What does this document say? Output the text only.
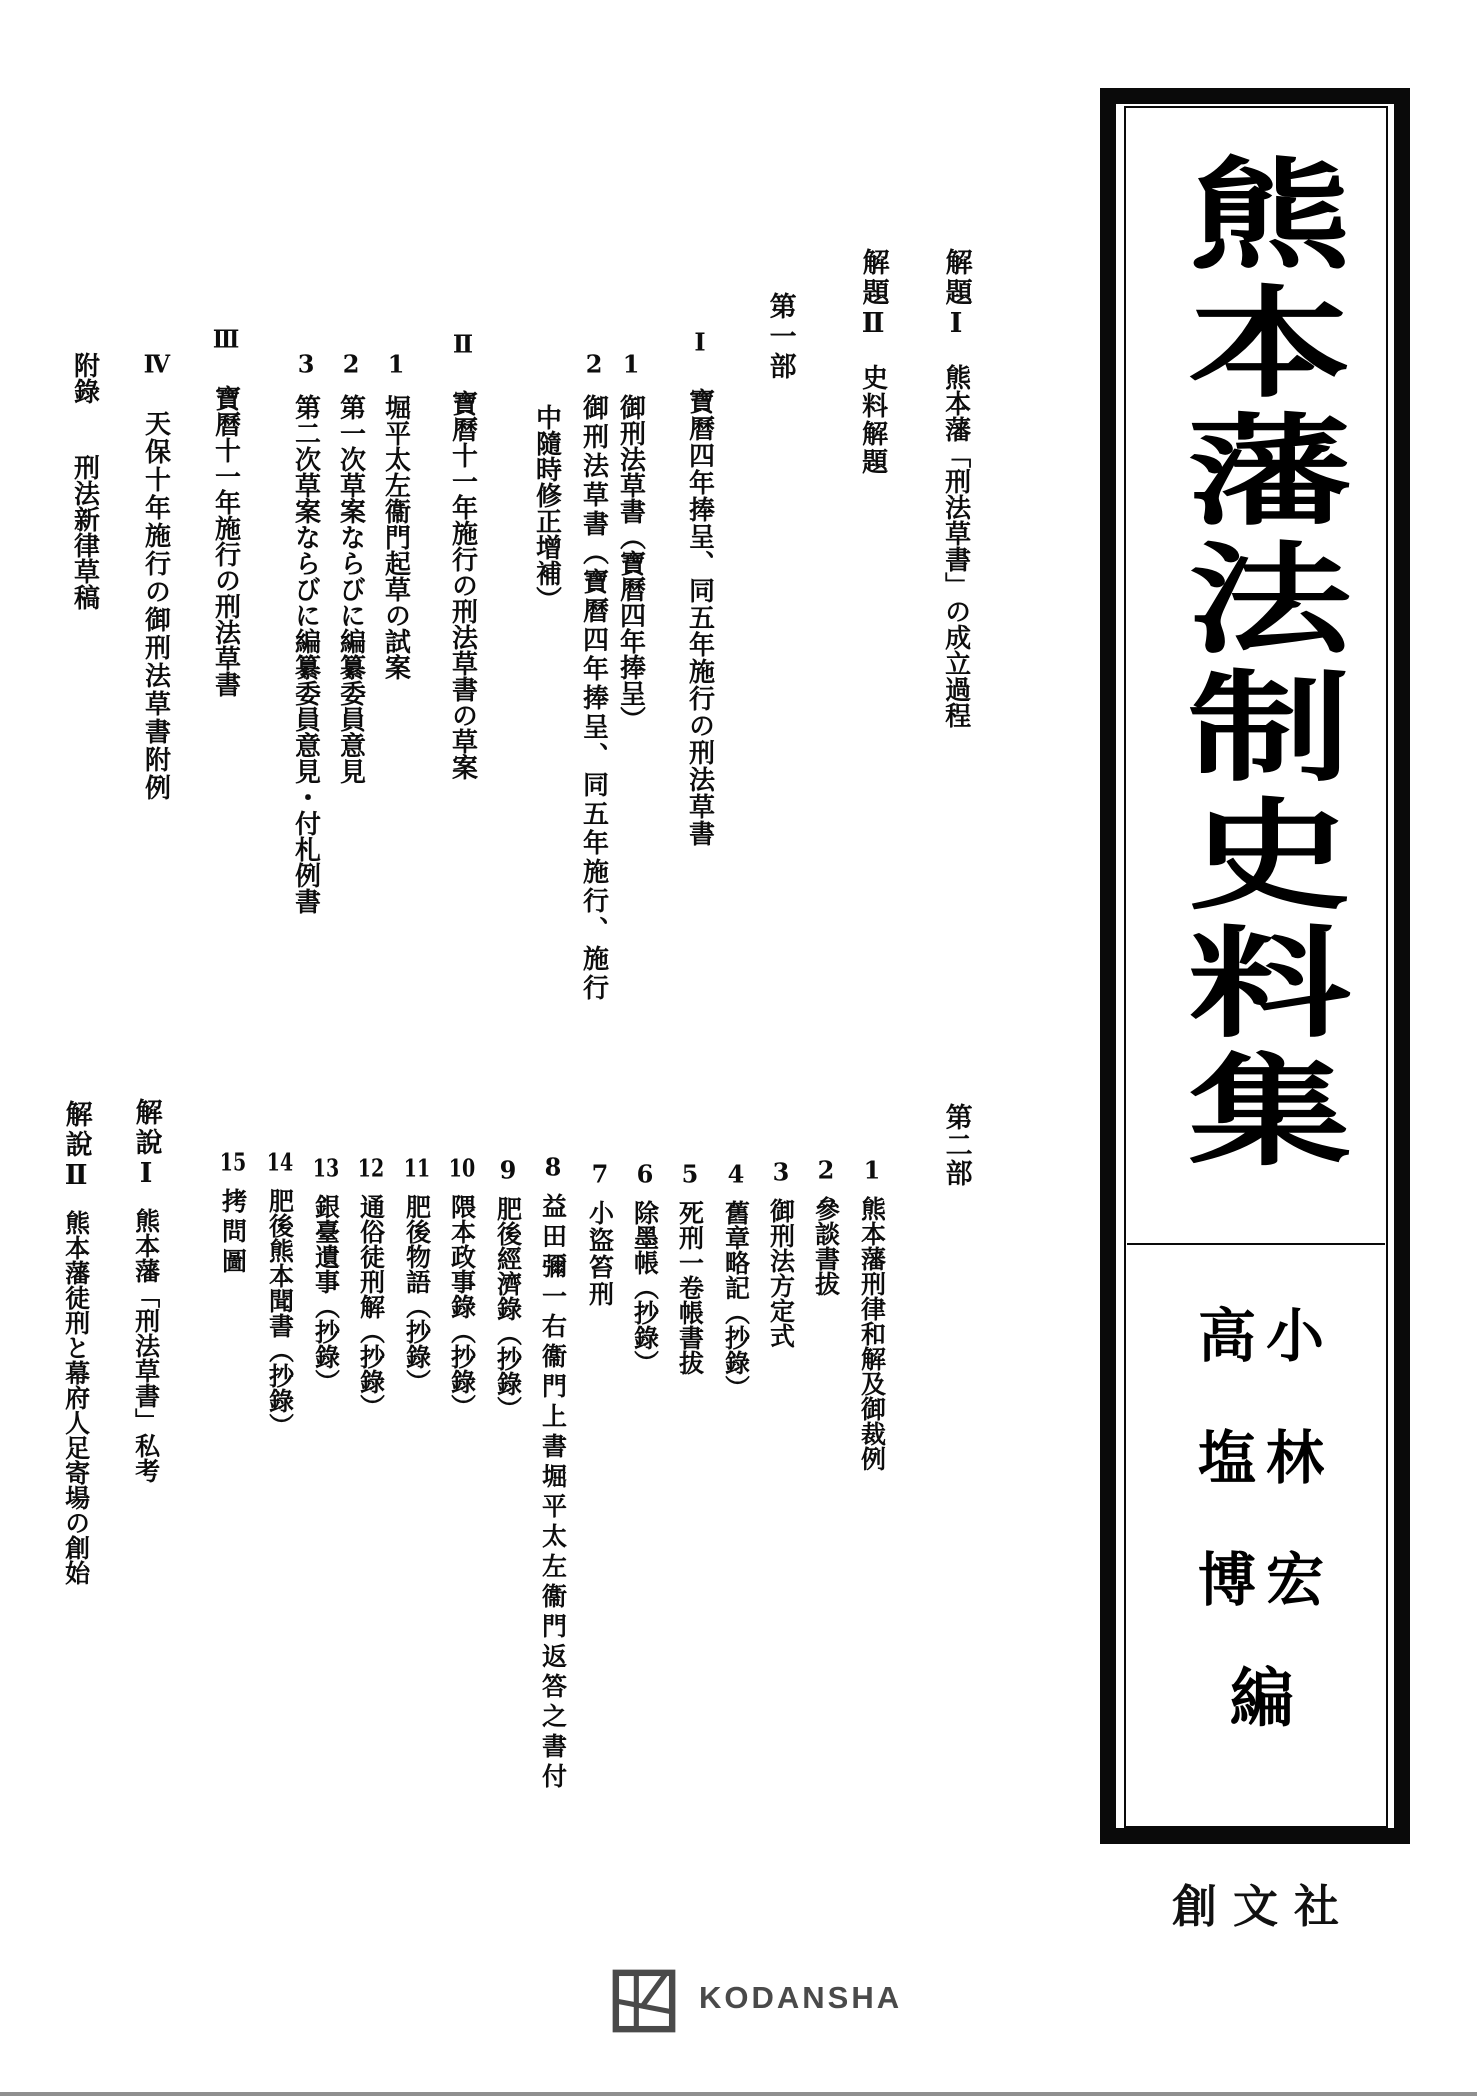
解題Ⅰ熊本藩「刑法草書」の成立過程
解題Ⅱ史料解題
第一部
Ⅰ寶曆四年捧呈、同五年施行の刑法草書
1御刑法草書（寶曆四年捧呈）
2御刑法草書（寶曆四年捧呈、同五年施行、施行
中隨時修正增補）
Ⅱ寶曆十一年施行の刑法草書の草案
1堀平太左衞門起草の試案
2第一次草案ならびに編纂委員意見
3第二次草案ならびに編纂委員意見・付札例書
Ⅲ寶曆十一年施行の刑法草書
Ⅳ天保十年施行の御刑法草書附例
附錄刑法新律草稿
第二部
1熊本藩刑律和解及御裁例
2參談書拔
3御刑法方定式
4舊章略記（抄錄）
5死刑一卷帳書拔
6除墨帳（抄錄）
7小盜笞刑
8益田彌一右衞門上書堀平太左衞門返答之書付
9肥後經濟錄（抄錄）
10隈本政事錄（抄錄）
11肥後物語（抄錄）
12通俗徒刑解（抄錄）
13銀臺遺事（抄錄）
14肥後熊本聞書（抄錄）
15拷問圖
解說Ⅰ熊本藩「刑法草書」私考
解說Ⅱ熊本藩徒刑と幕府人足寄場の創始
熊本藩法制史料集
小林宏
高塩博
編
創文社
KODANSHA
